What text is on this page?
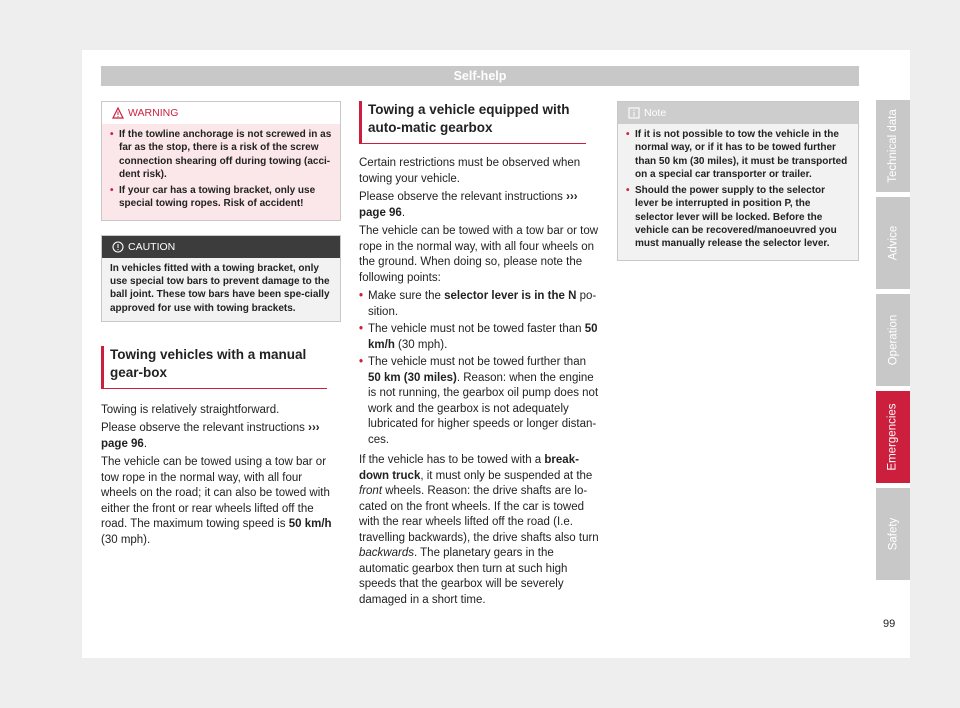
Self-help
WARNING
• If the towline anchorage is not screwed in as far as the stop, there is a risk of the screw connection shearing off during towing (acci-dent risk).
• If your car has a towing bracket, only use special towing ropes. Risk of accident!
CAUTION
In vehicles fitted with a towing bracket, only use special tow bars to prevent damage to the ball joint. These tow bars have been spe-cially approved for use with towing brackets.
Towing vehicles with a manual gear-box

Towing is relatively straightforward.

Please observe the relevant instructions ››› page 96.

The vehicle can be towed using a tow bar or tow rope in the normal way, with all four wheels on the road; it can also be towed with either the front or rear wheels lifted off the road. The maximum towing speed is 50 km/h (30 mph).

Towing a vehicle equipped with auto-matic gearbox

Certain restrictions must be observed when towing your vehicle.

Please observe the relevant instructions ››› page 96.

The vehicle can be towed with a tow bar or tow rope in the normal way, with all four wheels on the ground. When doing so, please note the following points:

• Make sure the selector lever is in the N po-sition.
• The vehicle must not be towed faster than 50 km/h (30 mph).
• The vehicle must not be towed further than 50 km (30 miles). Reason: when the engine is not running, the gearbox oil pump does not work and the gearbox is not adequately lubricated for higher speeds or longer distan-ces.

If the vehicle has to be towed with a break-down truck, it must only be suspended at the front wheels. Reason: the drive shafts are lo-cated on the front wheels. If the car is towed with the rear wheels lifted off the road (I.e. travelling backwards), the drive shafts also turn backwards. The planetary gears in the automatic gearbox then turn at such high speeds that the gearbox will be severely damaged in a short time.

Note
• If it is not possible to tow the vehicle in the normal way, or if it has to be towed further than 50 km (30 miles), it must be transported on a special car transporter or trailer.
• Should the power supply to the selector lever be interrupted in position P, the selector lever will be locked. Before the vehicle can be recovered/manoeuvred you must manually release the selector lever.
Technical data
Advice
Operation
Emergencies
Safety
99
